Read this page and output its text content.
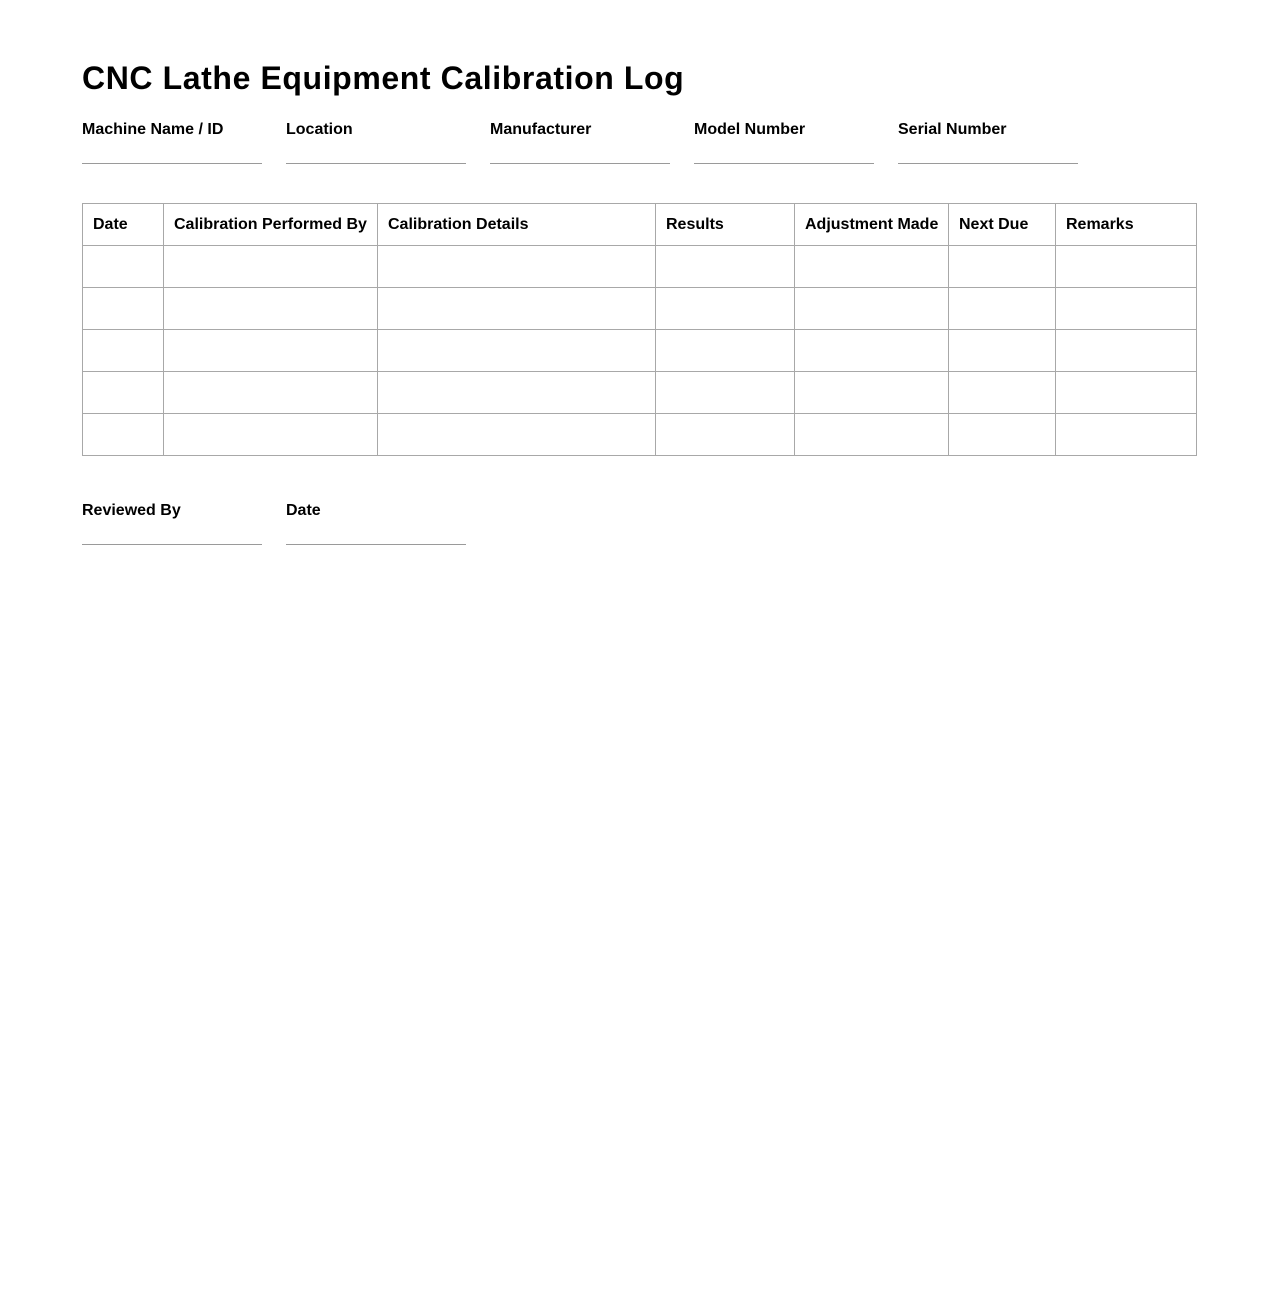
CNC Lathe Equipment Calibration Log
Machine Name / ID	Location	Manufacturer	Model Number	Serial Number
Date	Calibration Performed By	Calibration Details	Results	Adjustment Made	Next Due	Remarks

Reviewed By	Date
